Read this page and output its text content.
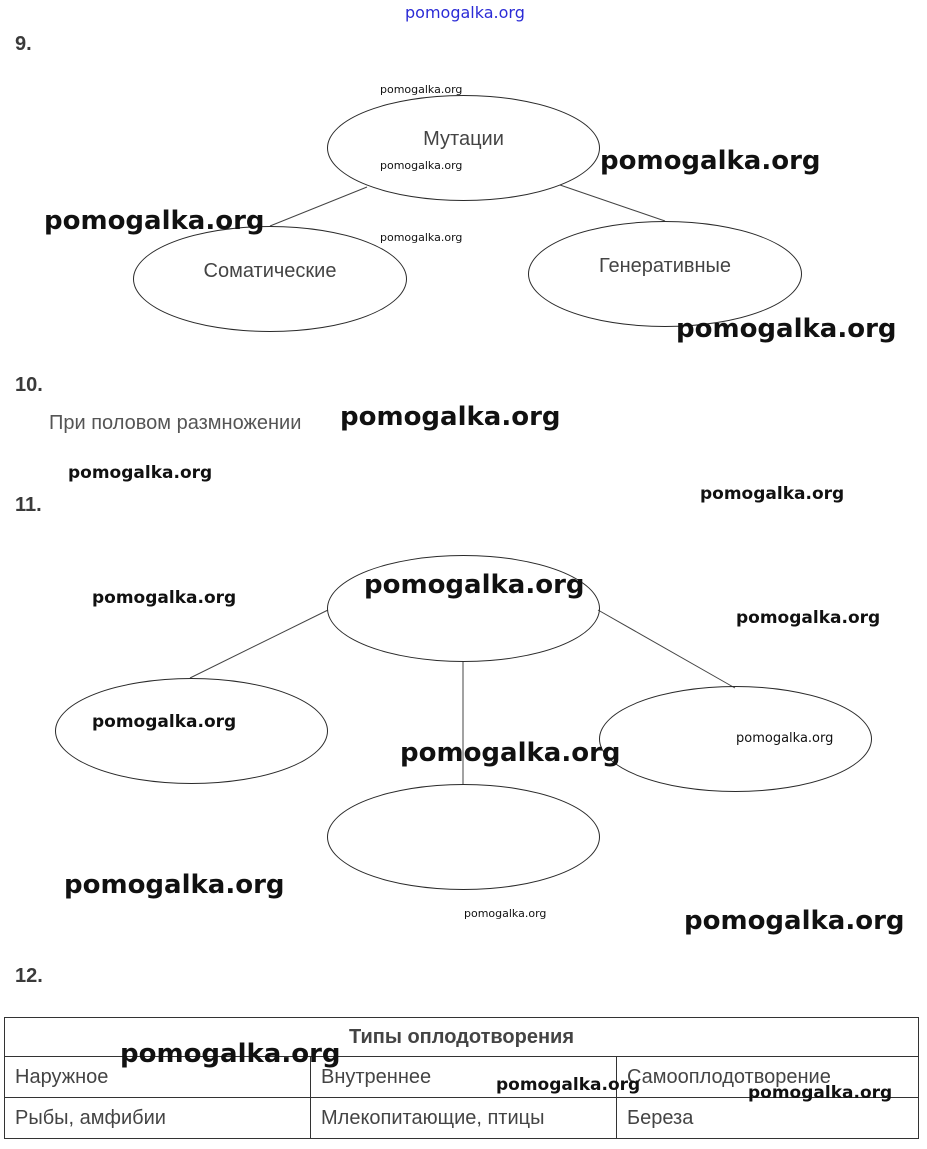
pomogalka.org
9.
Мутации
Соматические	Генеративные
10.
При половом размножении
11.
12.
Типы оплодотворения		
Наружное	Внутреннее	Самооплодотворение
Рыбы, амфибии	Млекопитающие, птицы	Береза
pomogalka.org
pomogalka.org
pomogalka.org
pomogalka.org
pomogalka.org
pomogalka.org
pomogalka.org
pomogalka.org
pomogalka.org
pomogalka.org
pomogalka.org
pomogalka.org
pomogalka.org
pomogalka.org
pomogalka.org
pomogalka.org
pomogalka.org	pomogalka.org
pomogalka.org
pomogalka.org	pomogalka.org
